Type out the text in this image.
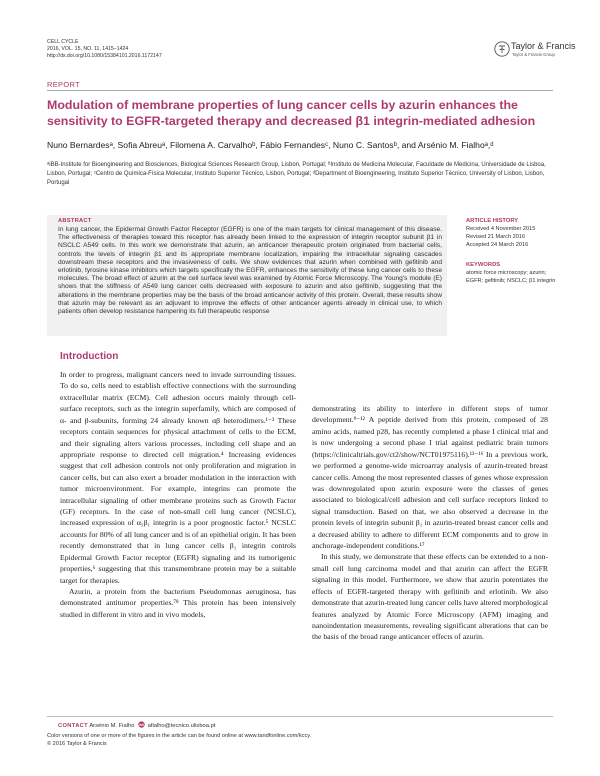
CELL CYCLE
2016, VOL. 15, NO. 11, 1415–1424
http://dx.doi.org/10.1080/15384101.2016.1172147
Taylor & Francis
Taylor & Francis Group
REPORT
Modulation of membrane properties of lung cancer cells by azurin enhances the sensitivity to EGFR-targeted therapy and decreased β1 integrin-mediated adhesion
Nuno Bernardesᵃ, Sofia Abreuᵃ, Filomena A. Carvalhoᵇ, Fábio Fernandesᶜ, Nuno C. Santosᵇ, and Arsénio M. Fialhoᵃ,ᵈ
ᵃiBB-Institute for Bioengineering and Biosciences, Biological Sciences Research Group, Lisbon, Portugal; ᵇInstituto de Medicina Molecular, Faculdade de Medicina, Universidade de Lisboa, Lisbon, Portugal; ᶜCentro de Química-Física Molecular, Instituto Superior Técnico, Lisbon, Portugal; ᵈDepartment of Bioengineering, Instituto Superior Técnico, University of Lisbon, Lisbon, Portugal
ABSTRACT
In lung cancer, the Epidermal Growth Factor Receptor (EGFR) is one of the main targets for clinical management of this disease. The effectiveness of therapies toward this receptor has already been linked to the expression of integrin receptor subunit β1 in NSCLC A549 cells. In this work we demonstrate that azurin, an anticancer therapeutic protein originated from bacterial cells, controls the levels of integrin β1 and its appropriate membrane localization, impairing the intracellular signaling cascades downstream these receptors and the invasiveness of cells. We show evidences that azurin when combined with gefitinib and erlotinib, tyrosine kinase inhibitors which targets specifically the EGFR, enhances the sensitivity of these lung cancer cells to these molecules. The broad effect of azurin at the cell surface level was examined by Atomic Force Microscopy. The Young's module (E) shows that the stiffness of A549 lung cancer cells decreased with exposure to azurin and also gefitinib, suggesting that the alterations in the membrane properties may be the basis of the broad anticancer activity of this protein. Overall, these results show that azurin may be relevant as an adjuvant to improve the effects of other anticancer agents already in clinical use, to which patients often develop resistance hampering its full therapeutic response
ARTICLE HISTORY
Received 4 November 2015
Revised 21 March 2016
Accepted 24 March 2016
KEYWORDS
atomic force microscopy; azurin; EGFR; gefitinib; NSCLC; β1 integrin
Introduction

In order to progress, malignant cancers need to invade surrounding tissues. To do so, cells need to establish effective connections with the surrounding extracellular matrix (ECM). Cell adhesion occurs mainly through cell-surface receptors, such as the integrin superfamily, which are composed of α- and β-subunits, forming 24 already known αβ heterodimers.¹⁻³ These receptors contain sequences for physical attachment of cells to the ECM, and their signaling alters various processes, including cell shape and an appropriate response to directed cell migration.⁴ Increasing evidences suggest that cell adhesion controls not only proliferation and migration in cancer cells, but can also exert a broader modulation in the interaction with tumor microenvironment. For example, integrins can promote the intracellular signaling of other membrane proteins such as Growth Factor (GF) receptors. In the case of non-small cell lung cancer (NCSLC), increased expression of α₅β₁ integrin is a poor prognostic factor.⁵ NCSLC accounts for 80% of all lung cancer and is of an epithelial origin. It has been recently demonstrated that in lung cancer cells β₁ integrin controls Epidermal Growth Factor receptor (EGFR) signaling and its tumorigenic properties,⁶ suggesting that this transmembrane protein may be a suitable target for therapies.

Azurin, a protein from the bacterium Pseudomonas aeruginosa, has demonstrated antitumor properties.⁷⁸ This protein has been intensively studied in different in vitro and in vivo models,

demonstrating its ability to interfere in different steps of tumor development.⁹⁻¹² A peptide derived from this protein, composed of 28 amino acids, named p28, has recently completed a phase I clinical trial and is now undergoing a second phase I trial against pediatric brain tumors (https://clinicaltrials.gov/ct2/show/NCT01975116).¹³⁻¹⁶ In a previous work, we performed a genome-wide microarray analysis of azurin-treated breast cancer cells. Among the most represented classes of genes whose expression was downregulated upon azurin exposure were the classes of genes associated to biological/cell adhesion and cell surface receptors linked to signal transduction. Based on that, we also observed a decrease in the protein levels of integrin subunit β₁ in azurin-treated breast cancer cells and a decreased ability to adhere to different ECM components and to grow in anchorage-independent conditions.¹⁷

In this study, we demonstrate that these effects can be extended to a non-small cell lung carcinoma model and that azurin can affect the EGFR signaling in this model. Furthermore, we show that azurin potentiates the effects of EGFR-targeted therapy with gefitinib and erlotinib. We also demonstrate that azurin-treated lung cancer cells have altered morphological features analyzed by Atomic Force Microscopy (AFM) imaging and nanoindentation measurements, revealing significant alterations that can be the basis of the broad range anticancer effects of azurin.

CONTACT Arsénio M. Fialho afialho@tecnico.ulisboa.pt
Color versions of one or more of the figures in the article can be found online at www.tandfonline.com/kccy.
© 2016 Taylor & Francis
